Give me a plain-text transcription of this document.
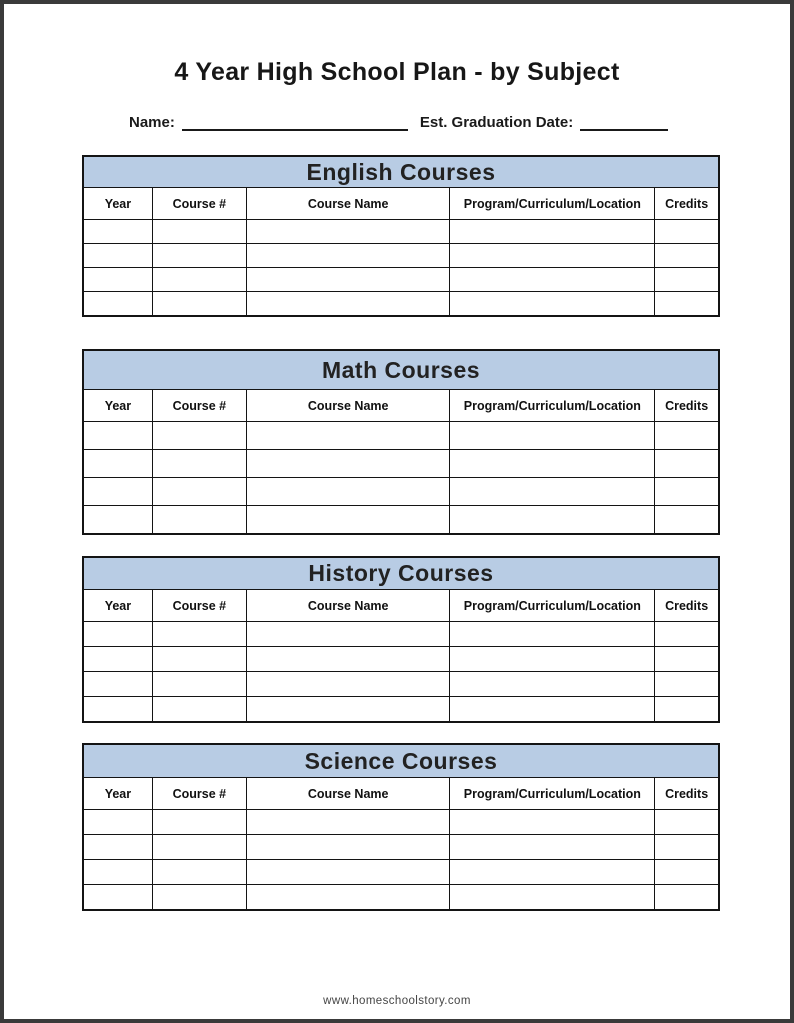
4 Year High School Plan - by Subject
Name:	Est. Graduation Date:
English Courses				
Year	Course #	Course Name	Program/Curriculum/Location	Credits

Math Courses				
Year	Course #	Course Name	Program/Curriculum/Location	Credits

History Courses				
Year	Course #	Course Name	Program/Curriculum/Location	Credits

Science Courses				
Year	Course #	Course Name	Program/Curriculum/Location	Credits

www.homeschoolstory.com
